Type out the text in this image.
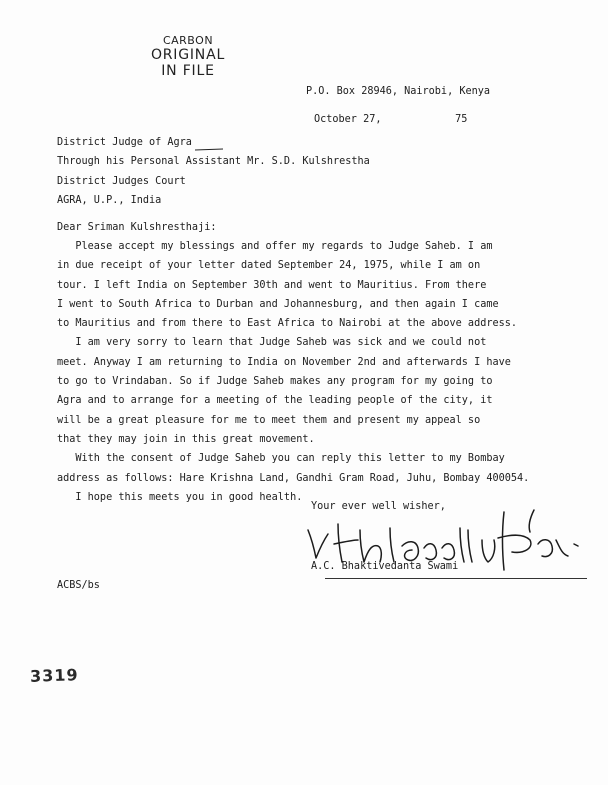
CARBON
ORIGINAL
IN FILE
P.O. Box 28946, Nairobi, Kenya
October 27,            75
District Judge of Agra
Through his Personal Assistant Mr. S.D. Kulshrestha
District Judges Court
AGRA, U.P., India
Dear Sriman Kulshresthaji:
Please accept my blessings and offer my regards to Judge Saheb. I am
in due receipt of your letter dated September 24, 1975, while I am on
tour. I left India on September 30th and went to Mauritius. From there
I went to South Africa to Durban and Johannesburg, and then again I came
to Mauritius and from there to East Africa to Nairobi at the above address.
I am very sorry to learn that Judge Saheb was sick and we could not
meet. Anyway I am returning to India on November 2nd and afterwards I have
to go to Vrindaban. So if Judge Saheb makes any program for my going to
Agra and to arrange for a meeting of the leading people of the city, it
will be a great pleasure for me to meet them and present my appeal so
that they may join in this great movement.
With the consent of Judge Saheb you can reply this letter to my Bombay
address as follows: Hare Krishna Land, Gandhi Gram Road, Juhu, Bombay 400054.
I hope this meets you in good health.
Your ever well wisher,
A.C. Bhaktivedanta Swami
ACBS/bs
3319
